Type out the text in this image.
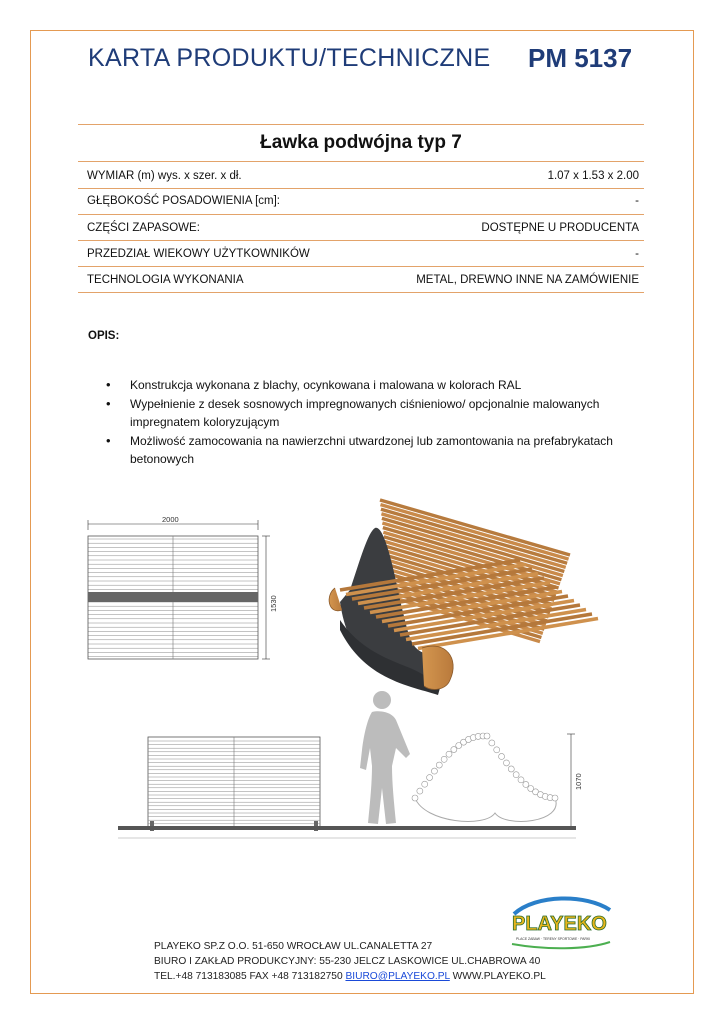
KARTA PRODUKTU/TECHNICZNE PM 5137
Ławka podwójna typ 7
WYMIAR (m) wys. x szer. x dł.	1.07 x 1.53 x 2.00
GŁĘBOKOŚĆ POSADOWIENIA [cm]:	-
CZĘŚCI ZAPASOWE:	DOSTĘPNE U PRODUCENTA
PRZEDZIAŁ WIEKOWY UŻYTKOWNIKÓW	-
TECHNOLOGIA WYKONANIA	METAL, DREWNO INNE NA ZAMÓWIENIE
OPIS:
• Konstrukcja wykonana z blachy, ocynkowana i malowana w kolorach RAL
• Wypełnienie z desek sosnowych impregnowanych ciśnieniowo/ opcjonalnie malowanych impregnatem koloryzującym
• Możliwość zamocowania na nawierzchni utwardzonej lub zamontowania na prefabrykatach betonowych
2000
1530
1070
PLAYEKO
PLACE ZABAW · TERENY SPORTOWE · PARKI
PLAYEKO SP.Z O.O. 51-650 WROCŁAW UL.CANALETTA 27
BIURO I ZAKŁAD PRODUKCYJNY: 55-230 JELCZ LASKOWICE UL.CHABROWA 40
TEL.+48 713183085 FAX +48 713182750 BIURO@PLAYEKO.PL WWW.PLAYEKO.PL
